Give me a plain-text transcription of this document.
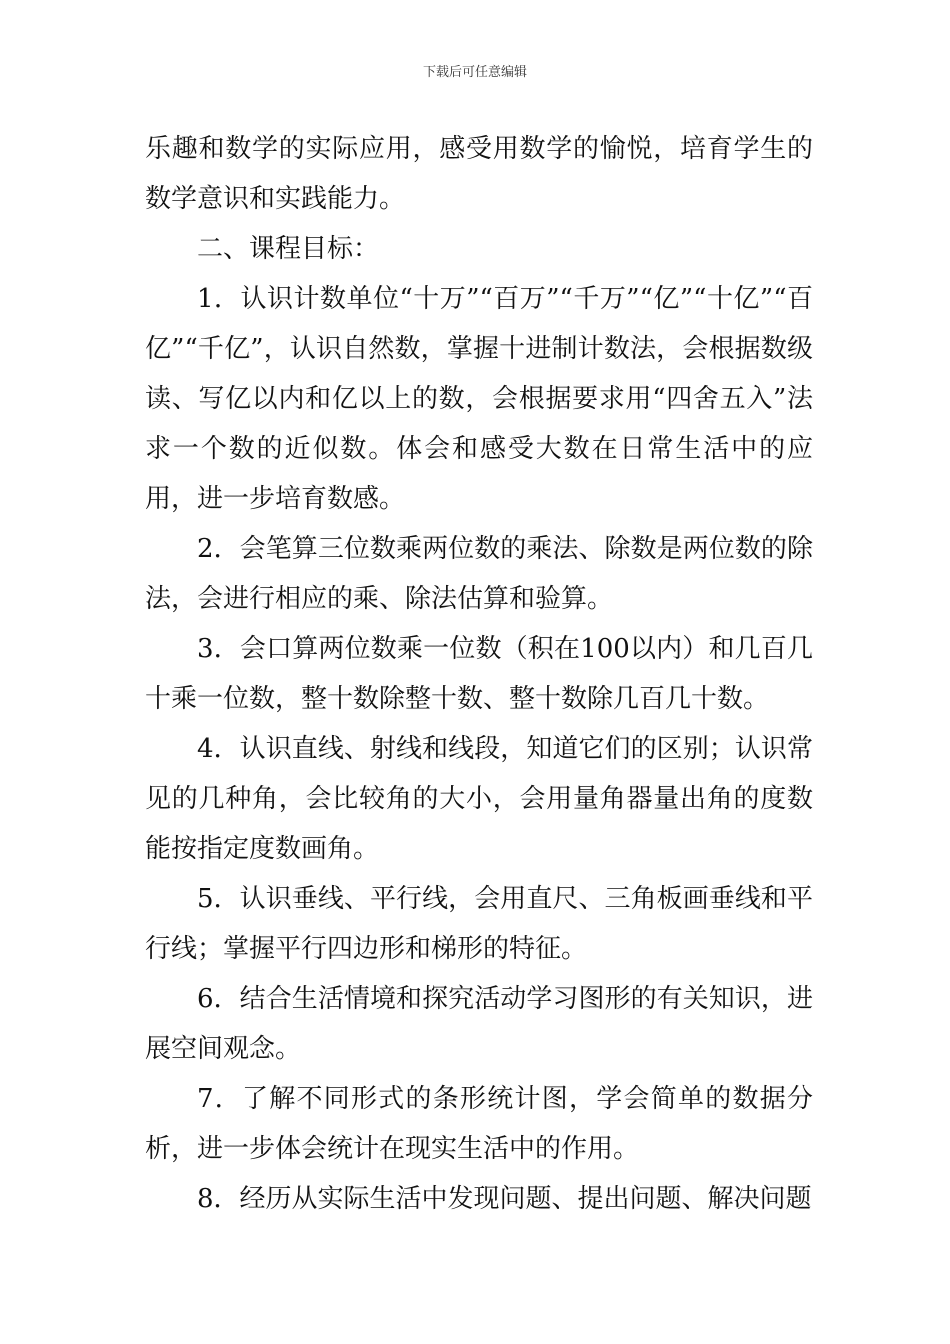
下载后可任意编辑

乐趣和数学的实际应用，感受用数学的愉悦，培育学生的数学意识和实践能力。

二、课程目标：

1．认识计数单位“十万”“百万”“千万”“亿”“十亿”“百亿”“千亿”，认识自然数，掌握十进制计数法，会根据数级读、写亿以内和亿以上的数，会根据要求用“四舍五入”法求一个数的近似数。体会和感受大数在日常生活中的应用，进一步培育数感。

2．会笔算三位数乘两位数的乘法、除数是两位数的除法，会进行相应的乘、除法估算和验算。

3．会口算两位数乘一位数（积在100以内）和几百几十乘一位数，整十数除整十数、整十数除几百几十数。

4．认识直线、射线和线段，知道它们的区别；认识常见的几种角，会比较角的大小，会用量角器量出角的度数能按指定度数画角。

5．认识垂线、平行线，会用直尺、三角板画垂线和平行线；掌握平行四边形和梯形的特征。

6．结合生活情境和探究活动学习图形的有关知识，进展空间观念。

7．了解不同形式的条形统计图，学会简单的数据分析，进一步体会统计在现实生活中的作用。

8．经历从实际生活中发现问题、提出问题、解决问题
